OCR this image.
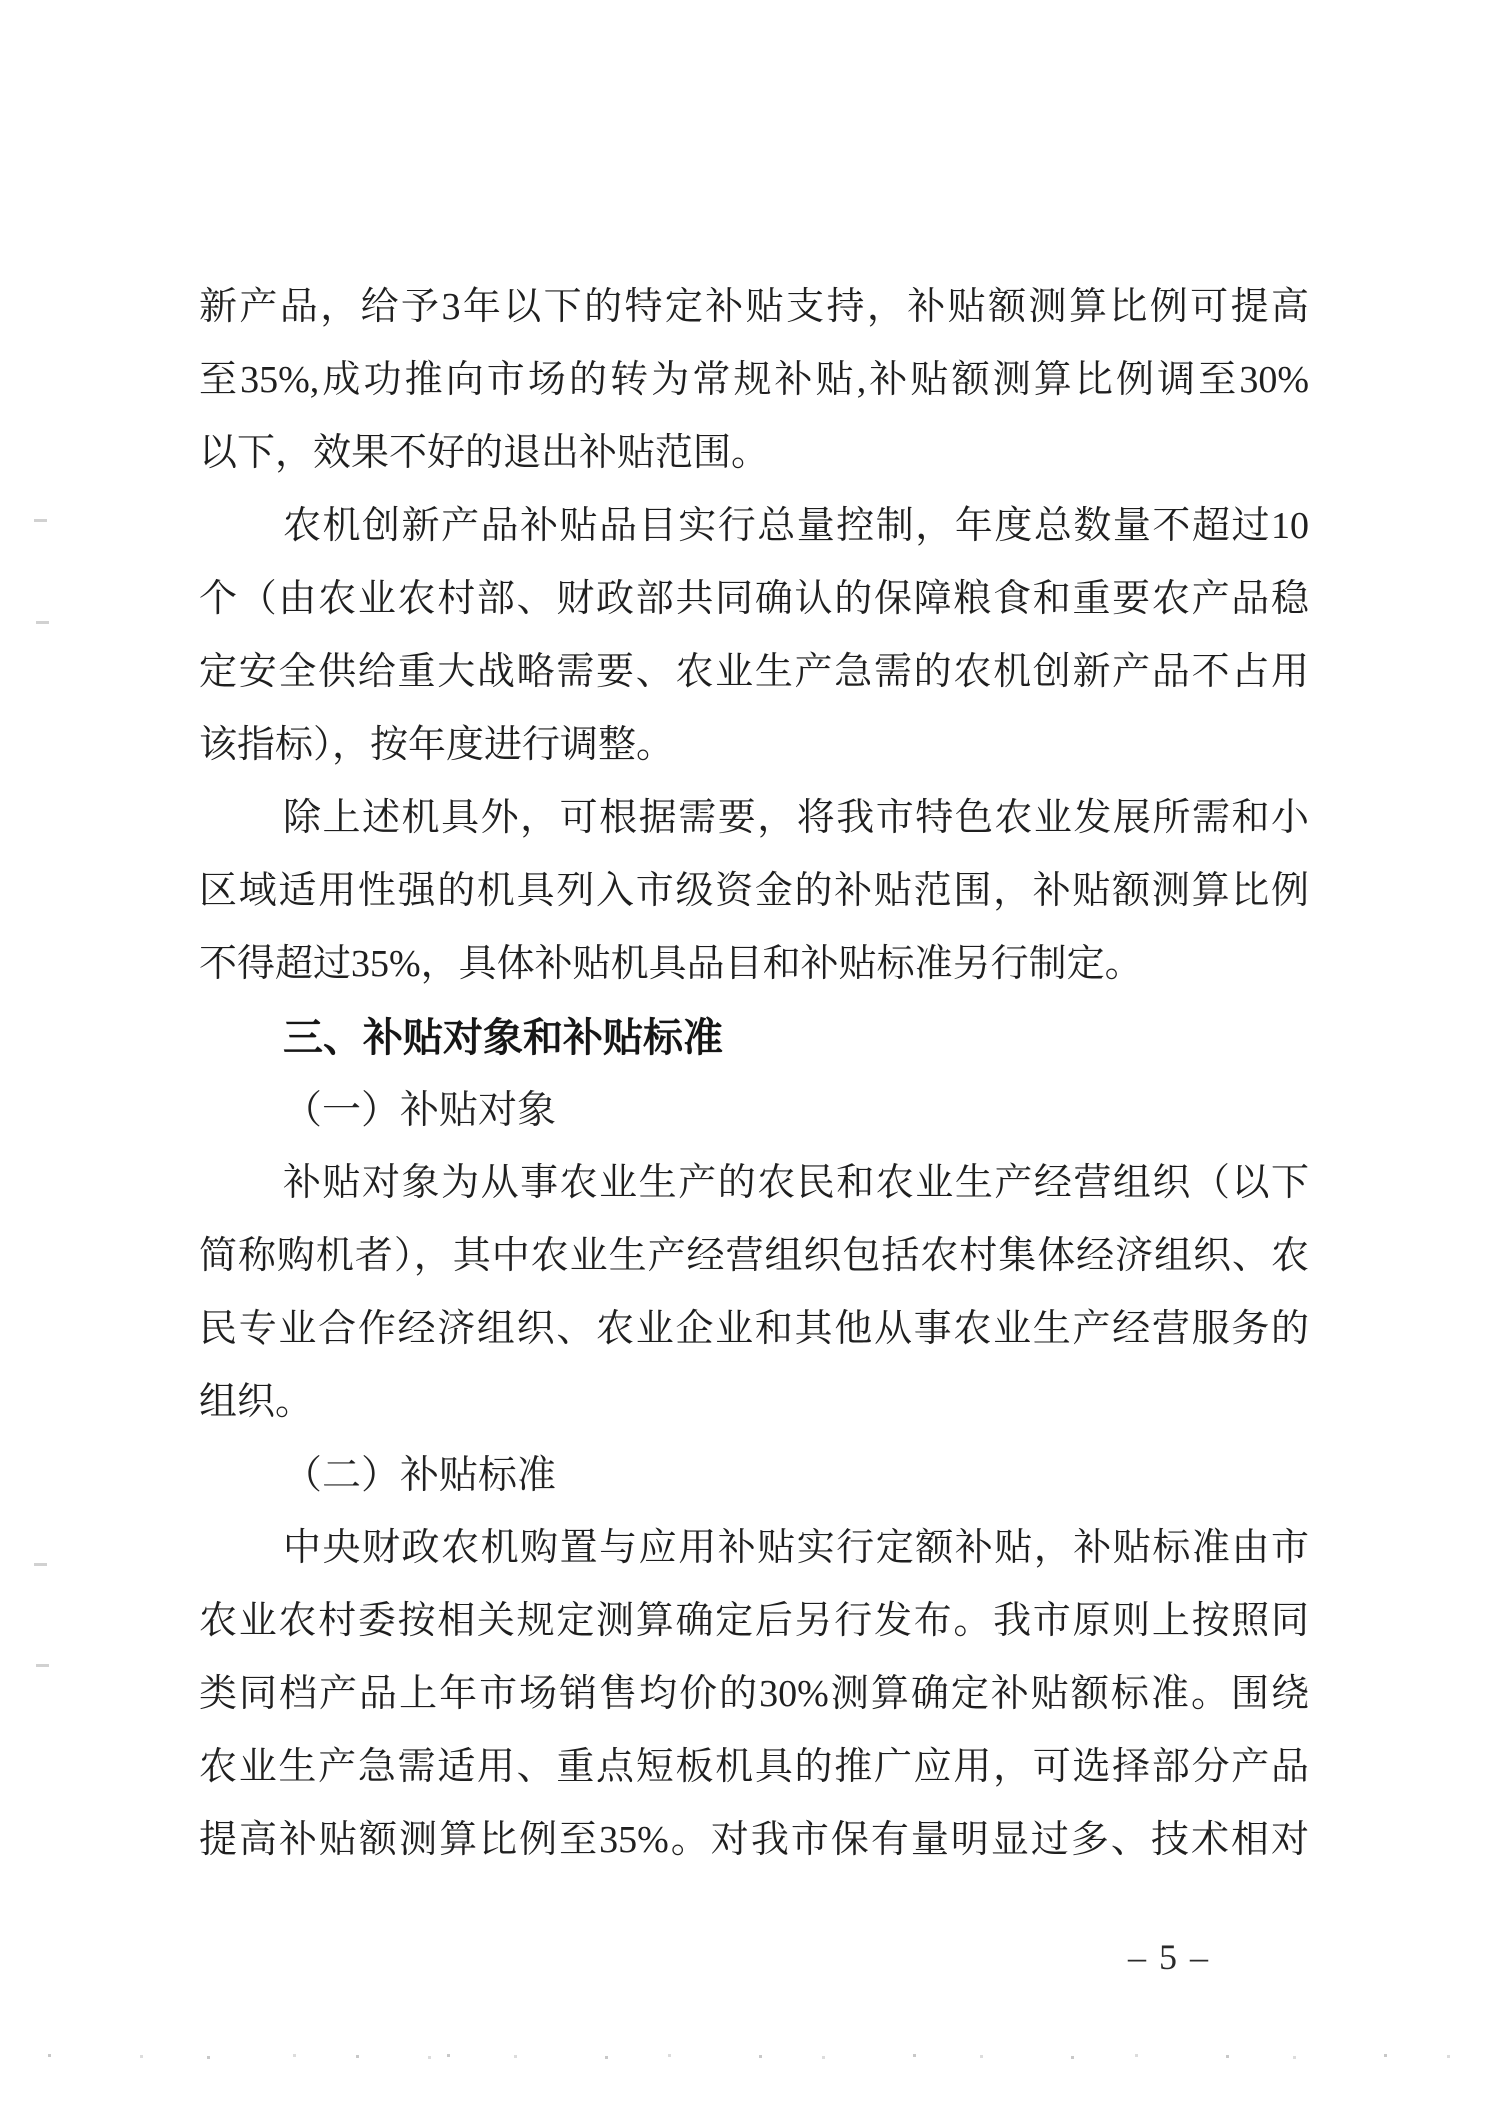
新产品，给予3年以下的特定补贴支持，补贴额测算比例可提高
至35%,成功推向市场的转为常规补贴,补贴额测算比例调至30%
以下，效果不好的退出补贴范围。
农机创新产品补贴品目实行总量控制，年度总数量不超过10
个（由农业农村部、财政部共同确认的保障粮食和重要农产品稳
定安全供给重大战略需要、农业生产急需的农机创新产品不占用
该指标），按年度进行调整。
除上述机具外，可根据需要，将我市特色农业发展所需和小
区域适用性强的机具列入市级资金的补贴范围，补贴额测算比例
不得超过35%，具体补贴机具品目和补贴标准另行制定。
三、补贴对象和补贴标准
（一）补贴对象
补贴对象为从事农业生产的农民和农业生产经营组织（以下
简称购机者），其中农业生产经营组织包括农村集体经济组织、农
民专业合作经济组织、农业企业和其他从事农业生产经营服务的
组织。
（二）补贴标准
中央财政农机购置与应用补贴实行定额补贴，补贴标准由市
农业农村委按相关规定测算确定后另行发布。我市原则上按照同
类同档产品上年市场销售均价的30%测算确定补贴额标准。围绕
农业生产急需适用、重点短板机具的推广应用，可选择部分产品
提高补贴额测算比例至35%。对我市保有量明显过多、技术相对
– 5 –
